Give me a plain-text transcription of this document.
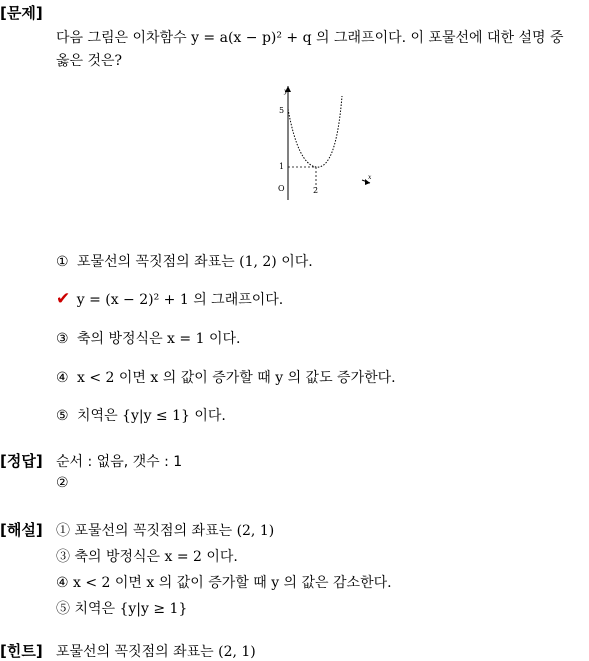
[문제]
다음 그림은 이차함수 y = a(x − p)² + q 의 그래프이다. 이 포물선에 대한 설명 중
옳은 것은?
y
x
5
1
O	2
① 포물선의 꼭짓점의 좌표는 (1, 2) 이다.
✔ y = (x − 2)² + 1 의 그래프이다.
③ 축의 방정식은 x = 1 이다.
④ x < 2 이면 x 의 값이 증가할 때 y 의 값도 증가한다.
⑤ 치역은 {y|y ≤ 1} 이다.
[정답] 순서 : 없음, 갯수 : 1
②
[해설] ① 포물선의 꼭짓점의 좌표는 (2, 1)
③ 축의 방정식은 x = 2 이다.
④ x < 2 이면 x 의 값이 증가할 때 y 의 값은 감소한다.
⑤ 치역은 {y|y ≥ 1}
[힌트] 포물선의 꼭짓점의 좌표는 (2, 1)
